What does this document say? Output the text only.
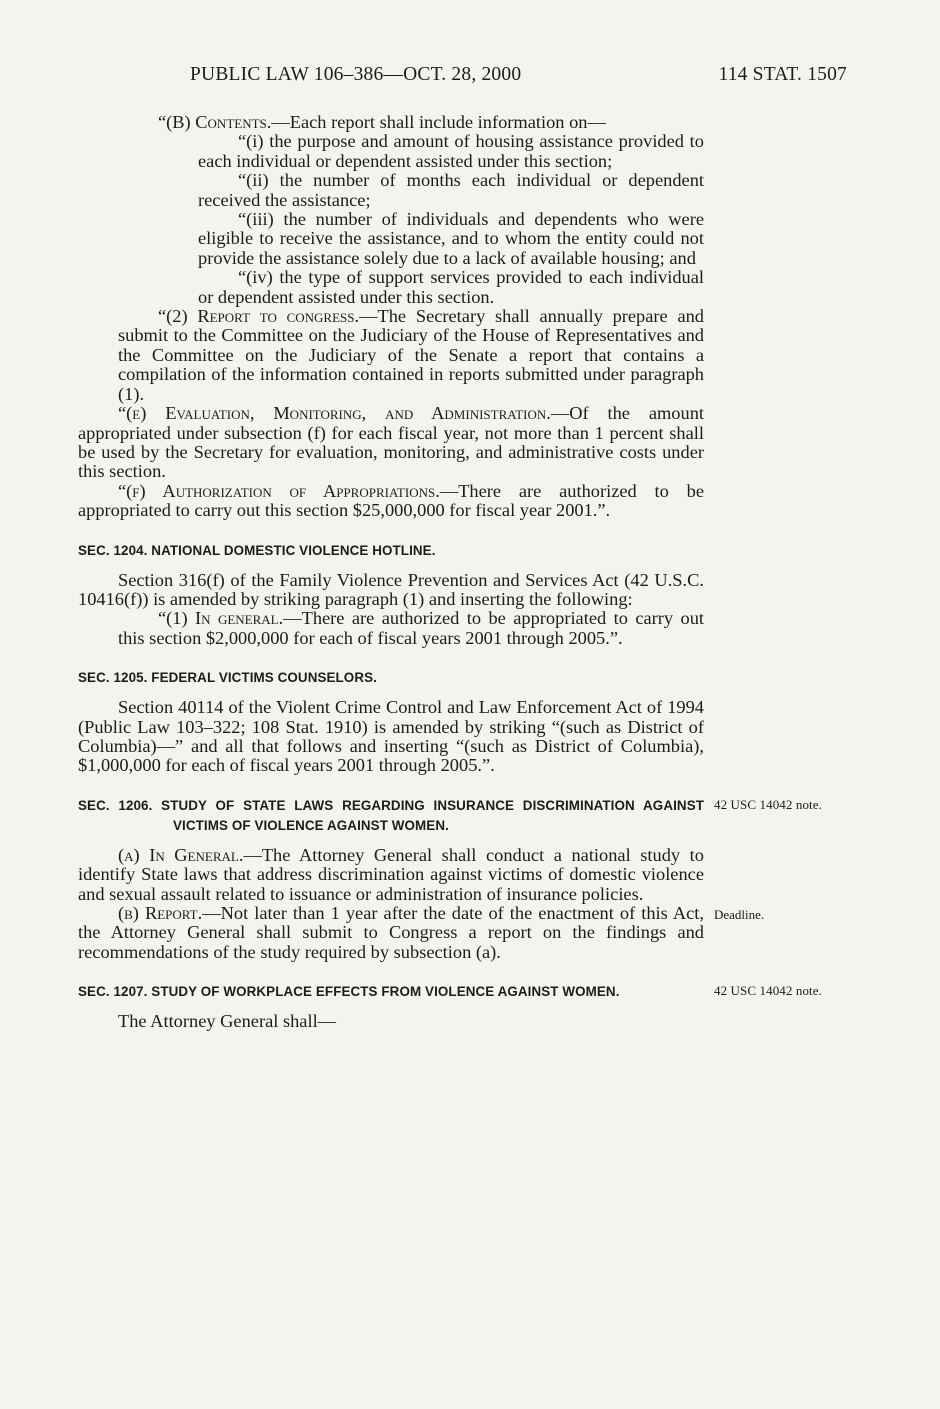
PUBLIC LAW 106–386—OCT. 28, 2000	114 STAT. 1507

“(B) Contents.—Each report shall include information on—

“(i) the purpose and amount of housing assistance provided to each individual or dependent assisted under this section;

“(ii) the number of months each individual or dependent received the assistance;

“(iii) the number of individuals and dependents who were eligible to receive the assistance, and to whom the entity could not provide the assistance solely due to a lack of available housing; and

“(iv) the type of support services provided to each individual or dependent assisted under this section.

“(2) Report to congress.—The Secretary shall annually prepare and submit to the Committee on the Judiciary of the House of Representatives and the Committee on the Judiciary of the Senate a report that contains a compilation of the information contained in reports submitted under paragraph (1).

“(e) Evaluation, Monitoring, and Administration.—Of the amount appropriated under subsection (f) for each fiscal year, not more than 1 percent shall be used by the Secretary for evaluation, monitoring, and administrative costs under this section.

“(f) Authorization of Appropriations.—There are authorized to be appropriated to carry out this section $25,000,000 for fiscal year 2001.”.

SEC. 1204. NATIONAL DOMESTIC VIOLENCE HOTLINE.

Section 316(f) of the Family Violence Prevention and Services Act (42 U.S.C. 10416(f)) is amended by striking paragraph (1) and inserting the following:

“(1) In general.—There are authorized to be appropriated to carry out this section $2,000,000 for each of fiscal years 2001 through 2005.”.

SEC. 1205. FEDERAL VICTIMS COUNSELORS.

Section 40114 of the Violent Crime Control and Law Enforcement Act of 1994 (Public Law 103–322; 108 Stat. 1910) is amended by striking “(such as District of Columbia)—” and all that follows and inserting “(such as District of Columbia), $1,000,000 for each of fiscal years 2001 through 2005.”.

SEC. 1206. STUDY OF STATE LAWS REGARDING INSURANCE DISCRIMINATION AGAINST VICTIMS OF VIOLENCE AGAINST WOMEN.
42 USC 14042 note.

(a) In General.—The Attorney General shall conduct a national study to identify State laws that address discrimination against victims of domestic violence and sexual assault related to issuance or administration of insurance policies.

(b) Report.—Not later than 1 year after the date of the enactment of this Act, the Attorney General shall submit to Congress a report on the findings and recommendations of the study required by subsection (a).

Deadline.
SEC. 1207. STUDY OF WORKPLACE EFFECTS FROM VIOLENCE AGAINST WOMEN.	42 USC 14042 note.

The Attorney General shall—
